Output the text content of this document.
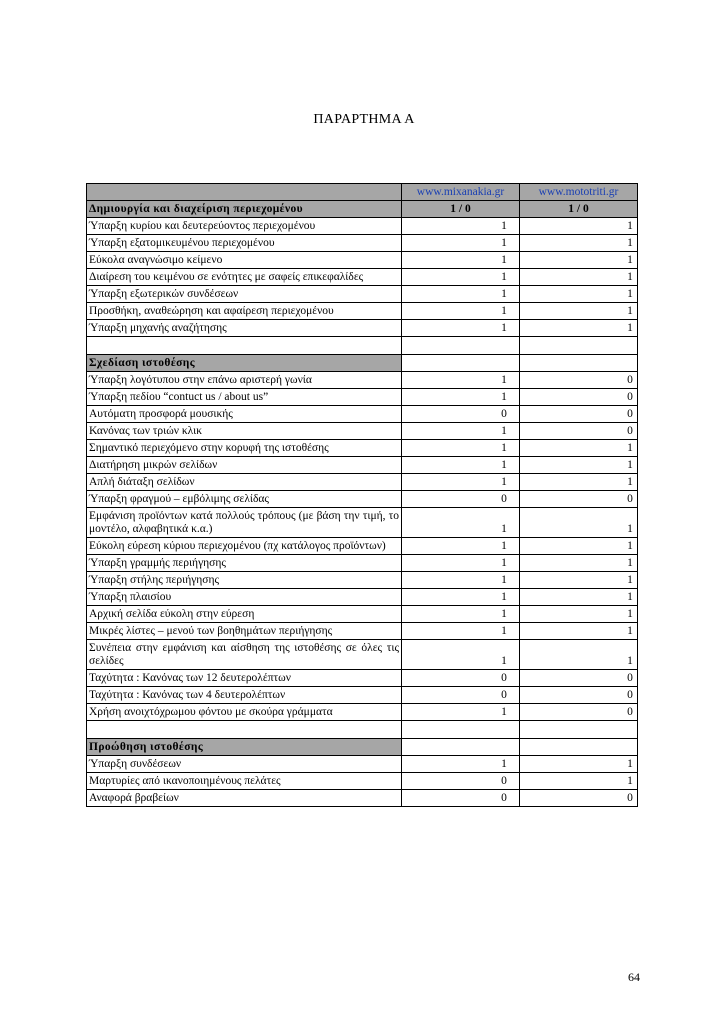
ΠΑΡΑΡΤΗΜΑ Α
	www.mixanakia.gr	www.mototriti.gr
Δημιουργία και διαχείριση περιεχομένου	1 / 0	1 / 0
Ύπαρξη κυρίου και δευτερεύοντος περιεχομένου	1	1
Ύπαρξη εξατομικευμένου περιεχομένου	1	1
Εύκολα αναγνώσιμο κείμενο	1	1
Διαίρεση του κειμένου σε ενότητες με σαφείς επικεφαλίδες	1	1
Ύπαρξη εξωτερικών συνδέσεων	1	1
Προσθήκη, αναθεώρηση και αφαίρεση περιεχομένου	1	1
Ύπαρξη μηχανής αναζήτησης	1	1

Σχεδίαση ιστοθέσης		
Ύπαρξη λογότυπου στην επάνω αριστερή γωνία	1	0
Ύπαρξη πεδίου “contuct us / about us”	1	0
Αυτόματη προσφορά μουσικής	0	0
Κανόνας των τριών κλικ	1	0
Σημαντικό περιεχόμενο στην κορυφή της ιστοθέσης	1	1
Διατήρηση μικρών σελίδων	1	1
Απλή διάταξη σελίδων	1	1
Ύπαρξη φραγμού – εμβόλιμης σελίδας	0	0
Εμφάνιση προϊόντων κατά πολλούς τρόπους (με βάση την τιμή, το μοντέλο, αλφαβητικά κ.α.)	1	1
Εύκολη εύρεση κύριου περιεχομένου (πχ κατάλογος προϊόντων)	1	1
Ύπαρξη γραμμής περιήγησης	1	1
Ύπαρξη στήλης περιήγησης	1	1
Ύπαρξη πλαισίου	1	1
Αρχική σελίδα εύκολη στην εύρεση	1	1
Μικρές λίστες – μενού των βοηθημάτων περιήγησης	1	1
Συνέπεια στην εμφάνιση και αίσθηση της ιστοθέσης σε όλες τις σελίδες	1	1
Ταχύτητα : Κανόνας των 12 δευτερολέπτων	0	0
Ταχύτητα : Κανόνας των 4 δευτερολέπτων	0	0
Χρήση ανοιχτόχρωμου φόντου με σκούρα γράμματα	1	0

Προώθηση ιστοθέσης		
Ύπαρξη συνδέσεων	1	1
Μαρτυρίες από ικανοποιημένους πελάτες	0	1
Αναφορά βραβείων	0	0
64
